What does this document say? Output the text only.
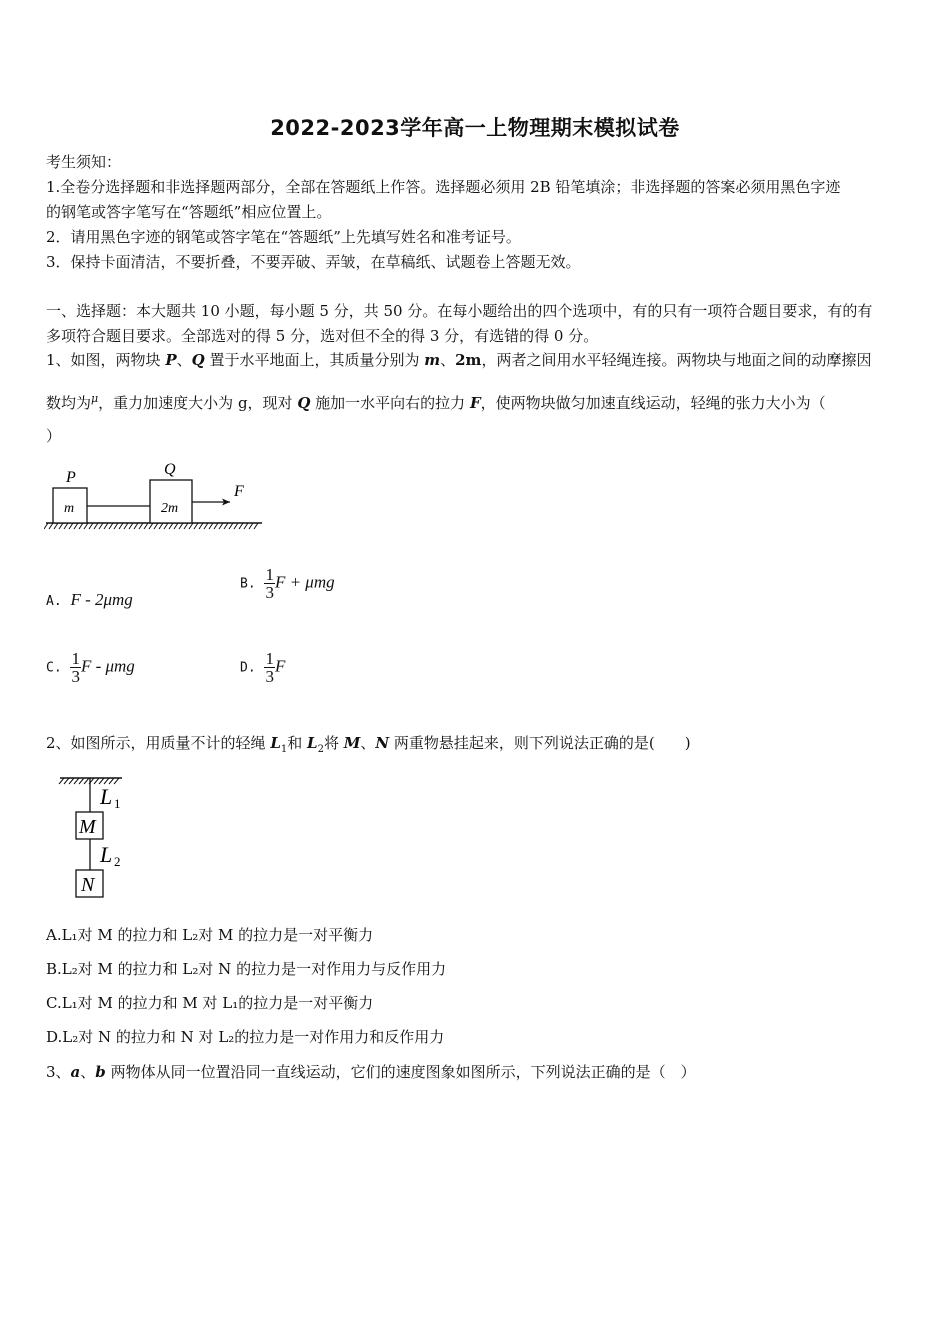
2022-2023学年高一上物理期末模拟试卷
考生须知：
1.全卷分选择题和非选择题两部分，全部在答题纸上作答。选择题必须用 2B 铅笔填涂；非选择题的答案必须用黑色字迹
的钢笔或答字笔写在“答题纸”相应位置上。
2．请用黑色字迹的钢笔或答字笔在“答题纸”上先填写姓名和准考证号。
3．保持卡面清洁，不要折叠，不要弄破、弄皱，在草稿纸、试题卷上答题无效。
一、选择题：本大题共 10 小题，每小题 5 分，共 50 分。在每小题给出的四个选项中，有的只有一项符合题目要求，有的有
多项符合题目要求。全部选对的得 5 分，选对但不全的得 3 分，有选错的得 0 分。
1、如图，两物块 P、Q 置于水平地面上，其质量分别为 m、2m，两者之间用水平轻绳连接。两物块与地面之间的动摩擦因
数均为$^\mu$，重力加速度大小为 g，现对 Q 施加一水平向右的拉力 F，使两物块做匀加速直线运动，轻绳的张力大小为（
）
P	Q
m	2m
F
A. F - 2μmg
B. $\frac{1}{3}$ F + μmg
C. $\frac{1}{3}$ F - μmg	D. $\frac{1}{3}$ F
2、如图所示，用质量不计的轻绳 $L_1$和 $L_2$将 M、N 两重物悬挂起来，则下列说法正确的是(　　)
L 1
M
L 2
N
A.L₁对 M 的拉力和 L₂对 M 的拉力是一对平衡力
B.L₂对 M 的拉力和 L₂对 N 的拉力是一对作用力与反作用力
C.L₁对 M 的拉力和 M 对 L₁的拉力是一对平衡力
D.L₂对 N 的拉力和 N 对 L₂的拉力是一对作用力和反作用力
3、a、b 两物体从同一位置沿同一直线运动，它们的速度图象如图所示，下列说法正确的是（　）
